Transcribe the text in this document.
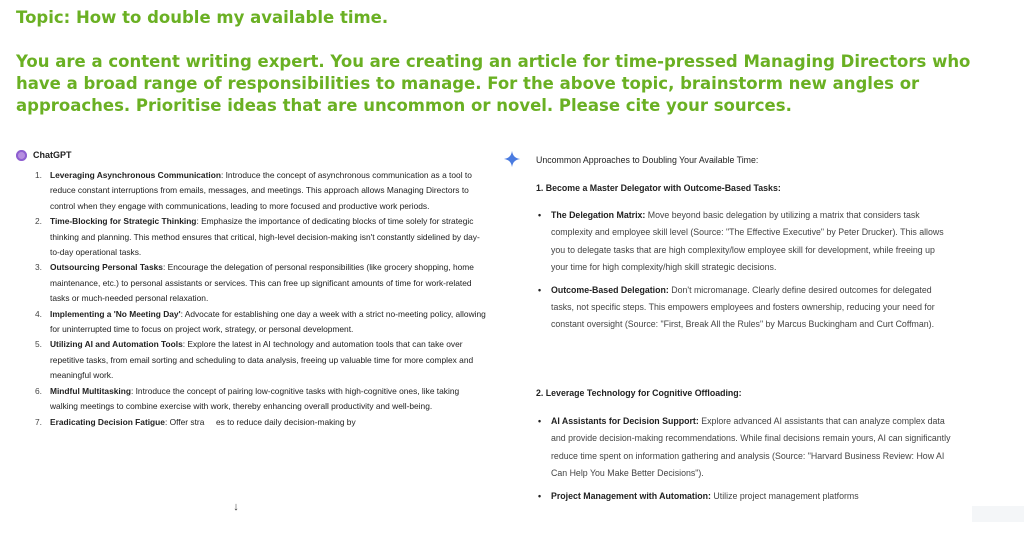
Topic: How to double my available time.

You are a content writing expert. You are creating an article for time-pressed Managing Directors who have a broad range of responsibilities to manage. For the above topic, brainstorm new angles or approaches. Prioritise ideas that are uncommon or novel. Please cite your sources.

ChatGPT
1. Leveraging Asynchronous Communication: Introduce the concept of asynchronous communication as a tool to reduce constant interruptions from emails, messages, and meetings. This approach allows Managing Directors to control when they engage with communications, leading to more focused and productive work periods.
2. Time-Blocking for Strategic Thinking: Emphasize the importance of dedicating blocks of time solely for strategic thinking and planning. This method ensures that critical, high-level decision-making isn't constantly sidelined by day-to-day operational tasks.
3. Outsourcing Personal Tasks: Encourage the delegation of personal responsibilities (like grocery shopping, home maintenance, etc.) to personal assistants or services. This can free up significant amounts of time for work-related tasks or much-needed personal relaxation.
4. Implementing a 'No Meeting Day': Advocate for establishing one day a week with a strict no-meeting policy, allowing for uninterrupted time to focus on project work, strategy, or personal development.
5. Utilizing AI and Automation Tools: Explore the latest in AI technology and automation tools that can take over repetitive tasks, from email sorting and scheduling to data analysis, freeing up valuable time for more complex and meaningful work.
6. Mindful Multitasking: Introduce the concept of pairing low-cognitive tasks with high-cognitive ones, like taking walking meetings to combine exercise with work, thereby enhancing overall productivity and well-being.
7. Eradicating Decision Fatigue: Offer stra     es to reduce daily decision-making by
↓
Uncommon Approaches to Doubling Your Available Time:
1. Become a Master Delegator with Outcome-Based Tasks:
• The Delegation Matrix: Move beyond basic delegation by utilizing a matrix that considers task complexity and employee skill level (Source: "The Effective Executive" by Peter Drucker). This allows you to delegate tasks that are high complexity/low employee skill for development, while freeing up your time for high complexity/high skill strategic decisions.
• Outcome-Based Delegation: Don't micromanage. Clearly define desired outcomes for delegated tasks, not specific steps. This empowers employees and fosters ownership, reducing your need for constant oversight (Source: "First, Break All the Rules" by Marcus Buckingham and Curt Coffman).
2. Leverage Technology for Cognitive Offloading:
• AI Assistants for Decision Support: Explore advanced AI assistants that can analyze complex data and provide decision-making recommendations. While final decisions remain yours, AI can significantly reduce time spent on information gathering and analysis (Source: "Harvard Business Review: How AI Can Help You Make Better Decisions").
• Project Management with Automation: Utilize project management platforms
